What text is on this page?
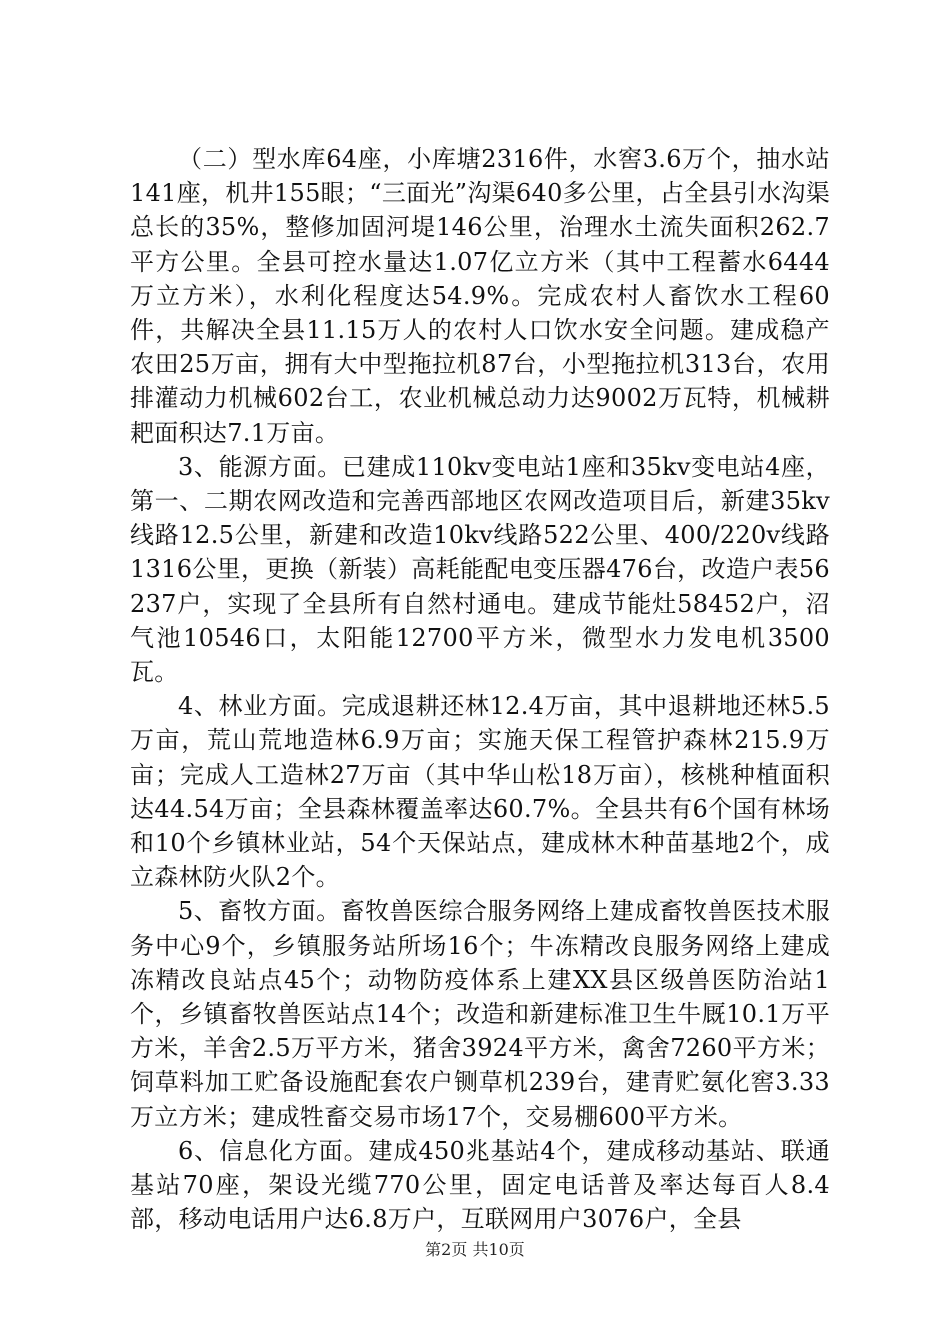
（二）型水库64座，小库塘2316件，水窖3.6万个，抽水站141座，机井155眼；“三面光”沟渠640多公里，占全县引水沟渠总长的35%，整修加固河堤146公里，治理水土流失面积262.7平方公里。全县可控水量达1.07亿立方米（其中工程蓄水6444万立方米），水利化程度达54.9%。完成农村人畜饮水工程60件，共解决全县11.15万人的农村人口饮水安全问题。建成稳产农田25万亩，拥有大中型拖拉机87台，小型拖拉机313台，农用排灌动力机械602台工，农业机械总动力达9002万瓦特，机械耕耙面积达7.1万亩。

3、能源方面。已建成110kv变电站1座和35kv变电站4座，第一、二期农网改造和完善西部地区农网改造项目后，新建35kv线路12.5公里，新建和改造10kv线路522公里、400/220v线路1316公里，更换（新装）高耗能配电变压器476台，改造户表56237户，实现了全县所有自然村通电。建成节能灶58452户，沼气池10546口，太阳能12700平方米，微型水力发电机3500瓦。

4、林业方面。完成退耕还林12.4万亩，其中退耕地还林5.5万亩，荒山荒地造林6.9万亩；实施天保工程管护森林215.9万亩；完成人工造林27万亩（其中华山松18万亩），核桃种植面积达44.54万亩；全县森林覆盖率达60.7%。全县共有6个国有林场和10个乡镇林业站，54个天保站点，建成林木种苗基地2个，成立森林防火队2个。

5、畜牧方面。畜牧兽医综合服务网络上建成畜牧兽医技术服务中心9个，乡镇服务站所场16个；牛冻精改良服务网络上建成冻精改良站点45个；动物防疫体系上建XX县区级兽医防治站1个，乡镇畜牧兽医站点14个；改造和新建标准卫生牛厩10.1万平方米，羊舍2.5万平方米，猪舍3924平方米，禽舍7260平方米；饲草料加工贮备设施配套农户铡草机239台，建青贮氨化窖3.33万立方米；建成牲畜交易市场17个，交易棚600平方米。

6、信息化方面。建成450兆基站4个，建成移动基站、联通基站70座，架设光缆770公里，固定电话普及率达每百人8.4部，移动电话用户达6.8万户，互联网用户3076户，全县

第2页 共10页
